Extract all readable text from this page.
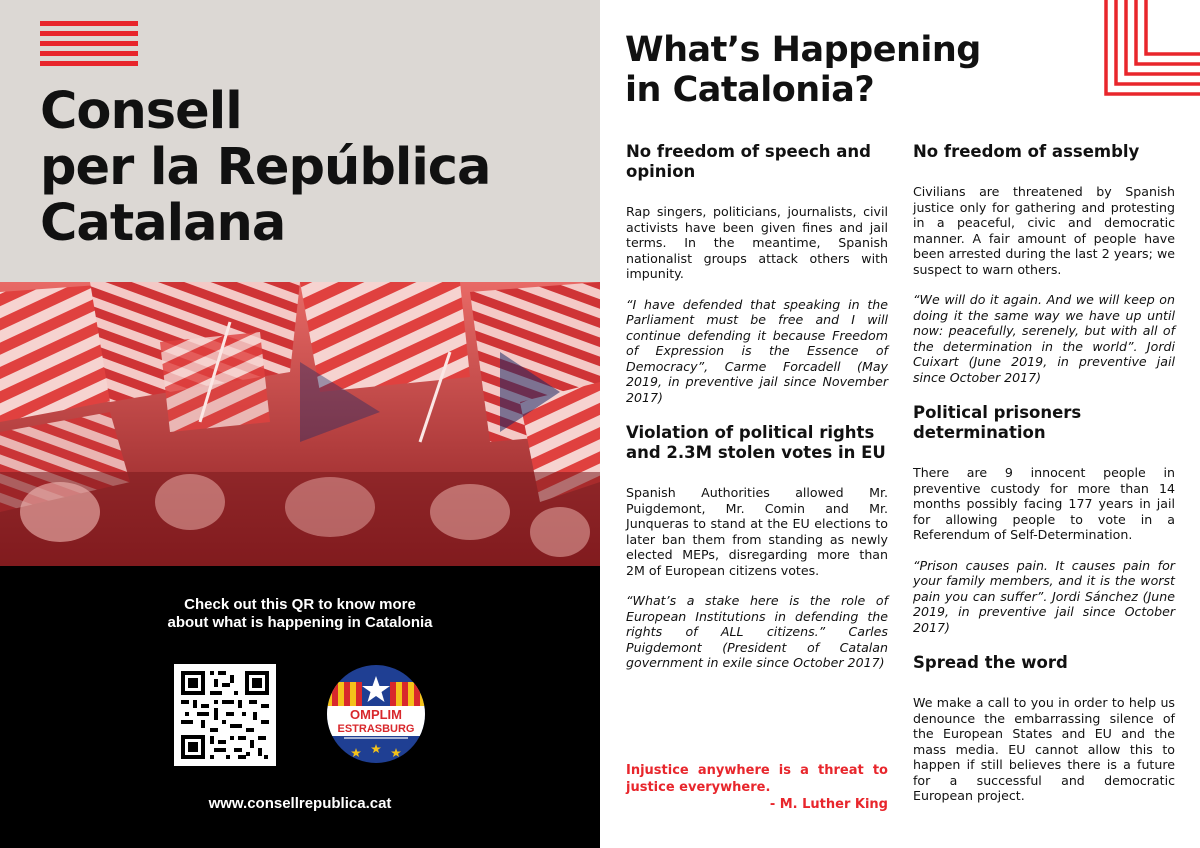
Consell
per la República
Catalana
Check out this QR to know more
about what is happening in Catalonia
OMPLIM
ESTRASBURG
www.consellrepublica.cat
What’s Happening
in Catalonia?
No freedom of speech and opinion

Rap singers, politicians, journalists, civil activists have been given fines and jail terms. In the meantime, Spanish nationalist groups attack others with impunity.

“I have defended that speaking in the Parliament must be free and I will continue defending it because Freedom of Expression is the Essence of Democracy”, Carme Forcadell (May 2019, in preventive jail since November 2017)

Violation of political rights and 2.3M stolen votes in EU

Spanish Authorities allowed Mr. Puigdemont, Mr. Comin and Mr. Junqueras to stand at the EU elections to later ban them from standing as newly elected MEPs, disregarding more than 2M of European citizens votes.

“What’s a stake here is the role of European Institutions in defending the rights of ALL citizens.” Carles Puigdemont (President of Catalan government in exile since October 2017)

No freedom of assembly

Civilians are threatened by Spanish justice only for gathering and protesting in a peaceful, civic and democratic manner. A fair amount of people have been arrested during the last 2 years; we suspect to warn others.

“We will do it again. And we will keep on doing it the same way we have up until now: peacefully, serenely, but with all of the determination in the world”. Jordi Cuixart (June 2019, in preventive jail since October 2017)

Political prisoners determination

There are 9 innocent people in preventive custody for more than 14 months possibly facing 177 years in jail for allowing people to vote in a Referendum of Self-Determination.

“Prison causes pain. It causes pain for your family members, and it is the worst pain you can suffer”. Jordi Sánchez (June 2019, in preventive jail since October 2017)

Spread the word

We make a call to you in order to help us denounce the embarrassing silence of the European States and EU and the mass media. EU cannot allow this to happen if still believes there is a future for a successful and democratic European project.

Injustice anywhere is a threat to justice everywhere.

- M. Luther King
